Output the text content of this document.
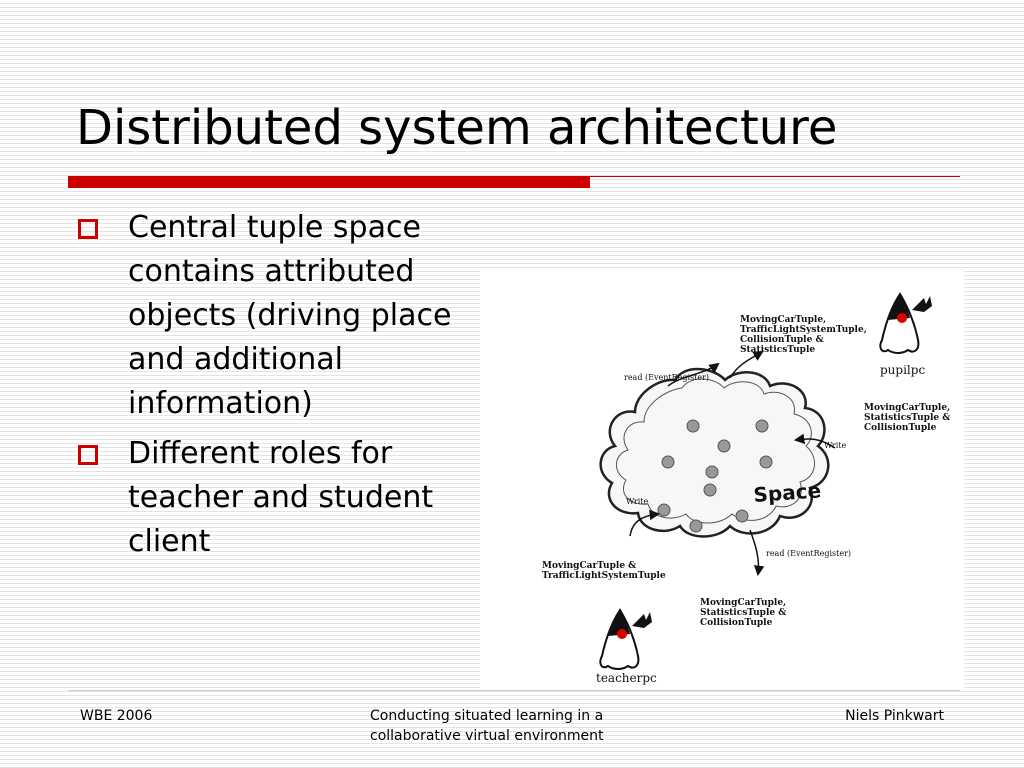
Distributed system architecture
Central tuple space contains attributed objects (driving place and additional information)
Different roles for teacher and student client
Space
read (EventRegister)
MovingCarTuple, TrafficLightSystemTuple, CollisionTuple & StatisticsTuple
MovingCarTuple, StatisticsTuple & CollisionTuple
Write
Write
MovingCarTuple & TrafficLightSystemTuple
read (EventRegister)
MovingCarTuple, StatisticsTuple & CollisionTuple
pupilpc
teacherpc
WBE 2006	Conducting situated learning in a
collaborative virtual environment
Niels Pinkwart
